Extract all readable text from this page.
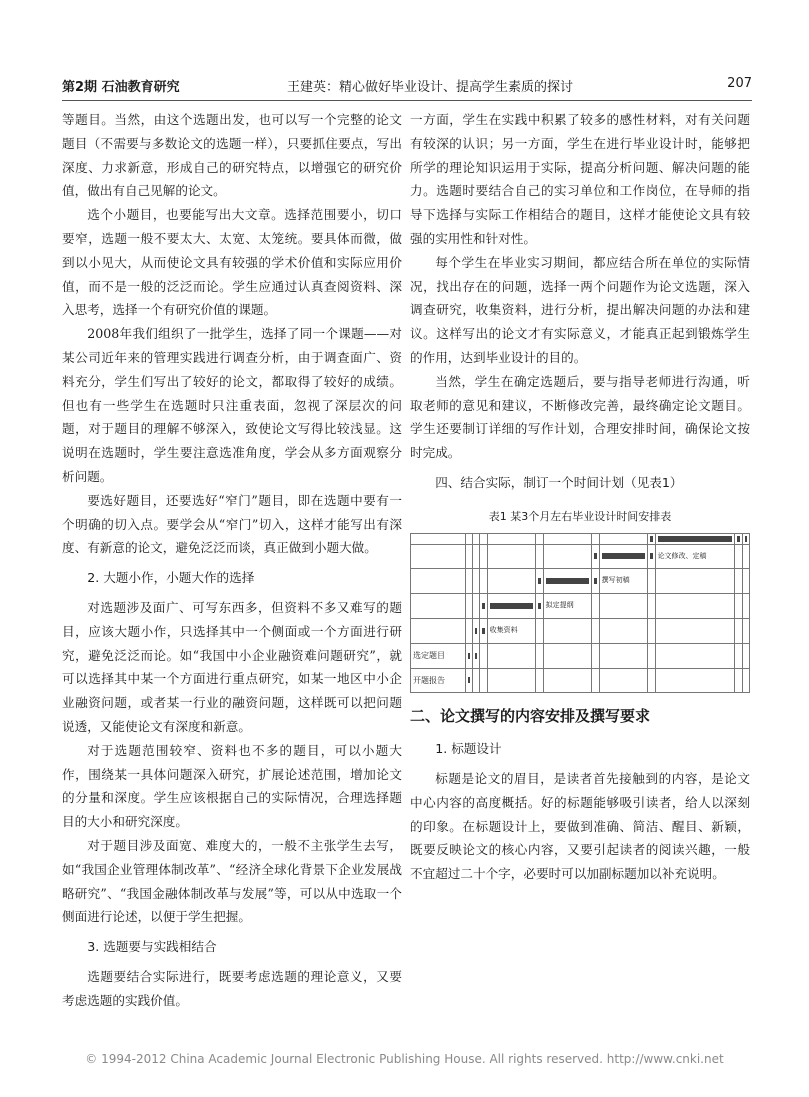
第2期 石油教育研究	王建英：精心做好毕业设计、提高学生素质的探讨	207

等题目。当然，由这个选题出发，也可以写一个完整的论文题目（不需要与多数论文的选题一样），只要抓住要点，写出深度、力求新意，形成自己的研究特点，以增强它的研究价值，做出有自己见解的论文。

选个小题目，也要能写出大文章。选择范围要小，切口要窄，选题一般不要太大、太宽、太笼统。要具体而微，做到以小见大，从而使论文具有较强的学术价值和实际应用价值，而不是一般的泛泛而论。学生应通过认真查阅资料、深入思考，选择一个有研究价值的课题。

2008年我们组织了一批学生，选择了同一个课题——对某公司近年来的管理实践进行调查分析，由于调查面广、资料充分，学生们写出了较好的论文，都取得了较好的成绩。但也有一些学生在选题时只注重表面，忽视了深层次的问题，对于题目的理解不够深入，致使论文写得比较浅显。这说明在选题时，学生要注意选准角度，学会从多方面观察分析问题。

要选好题目，还要选好“窄门”题目，即在选题中要有一个明确的切入点。要学会从“窄门”切入，这样才能写出有深度、有新意的论文，避免泛泛而谈，真正做到小题大做。

2. 大题小作，小题大作的选择

对选题涉及面广、可写东西多，但资料不多又难写的题目，应该大题小作，只选择其中一个侧面或一个方面进行研究，避免泛泛而论。如“我国中小企业融资难问题研究”，就可以选择其中某一个方面进行重点研究，如某一地区中小企业融资问题，或者某一行业的融资问题，这样既可以把问题说透，又能使论文有深度和新意。

对于选题范围较窄、资料也不多的题目，可以小题大作，围绕某一具体问题深入研究，扩展论述范围，增加论文的分量和深度。学生应该根据自己的实际情况，合理选择题目的大小和研究深度。

对于题目涉及面宽、难度大的，一般不主张学生去写，如“我国企业管理体制改革”、“经济全球化背景下企业发展战略研究”、“我国金融体制改革与发展”等，可以从中选取一个侧面进行论述，以便于学生把握。

3. 选题要与实践相结合

选题要结合实际进行，既要考虑选题的理论意义，又要考虑选题的实践价值。

一方面，学生在实践中积累了较多的感性材料，对有关问题有较深的认识；另一方面，学生在进行毕业设计时，能够把所学的理论知识运用于实际，提高分析问题、解决问题的能力。选题时要结合自己的实习单位和工作岗位，在导师的指导下选择与实际工作相结合的题目，这样才能使论文具有较强的实用性和针对性。

每个学生在毕业实习期间，都应结合所在单位的实际情况，找出存在的问题，选择一两个问题作为论文选题，深入调查研究，收集资料，进行分析，提出解决问题的办法和建议。这样写出的论文才有实际意义，才能真正起到锻炼学生的作用，达到毕业设计的目的。

当然，学生在确定选题后，要与指导老师进行沟通，听取老师的意见和建议，不断修改完善，最终确定论文题目。学生还要制订详细的写作计划，合理安排时间，确保论文按时完成。

四、结合实际，制订一个时间计划（见表1）
表1 某3个月左右毕业设计时间安排表

	论文修改、定稿		

	撰写初稿				

	拟定提纲						

	收集资料								
选定题目	

开题报告	

二、论文撰写的内容安排及撰写要求
1. 标题设计

标题是论文的眉目，是读者首先接触到的内容，是论文中心内容的高度概括。好的标题能够吸引读者，给人以深刻的印象。在标题设计上，要做到准确、简洁、醒目、新颖，既要反映论文的核心内容，又要引起读者的阅读兴趣，一般不宜超过二十个字，必要时可以加副标题加以补充说明。

© 1994-2012 China Academic Journal Electronic Publishing House. All rights reserved. http://www.cnki.net
